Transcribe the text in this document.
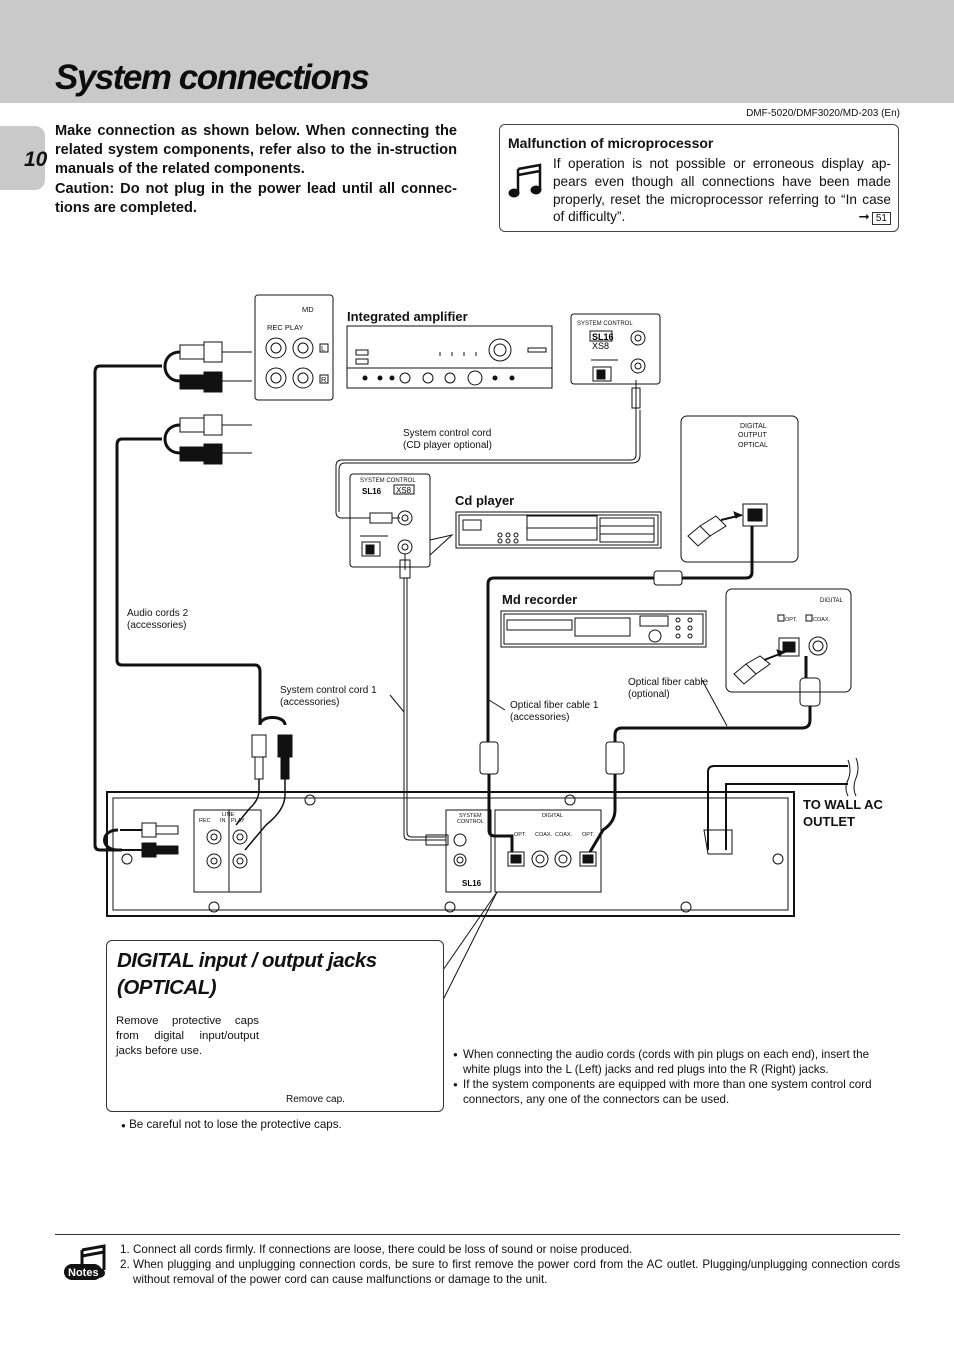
System connections
10
DMF-5020/DMF3020/MD-203 (En)

Make connection as shown below. When connecting the related system components, refer also to the in-struction manuals of the related components.

Caution: Do not plug in the power lead until all connec-tions are completed.

Malfunction of microprocessor
If operation is not possible or erroneous display ap-pears even though all connections have been made properly, reset the microprocessor referring to “In case of difficulty”.	➞ 51
MD
REC PLAY
L
R
SYSTEM CONTROL
SYSTEM CONTROL
DIGITAL OUTPUT OPTICAL
DIGITAL
System control cord
(CD player optional)
Audio cords 2
(accessories)
System control cord 1
(accessories)	Optical fiber cable 1
(accessories)
Optical fiber cable
(optional)
SL16
XS8
SL16 XS8
SL16
LINE
REC IN PLAY
SYSTEM
CONTROL
DIGITAL
OPT. COAX. COAX. OPT.
OPT.	COAX.
Integrated amplifier
Cd player
Md recorder
TO WALL AC OUTLET
DIGITAL input / output jacks (OPTICAL)
Remove protective caps from digital input/output jacks before use.
Remove cap.
● When connecting the audio cords (cords with pin plugs on each end), insert the white plugs into the L (Left) jacks and red plugs into the R (Right) jacks.
● If the system components are equipped with more than one system control cord connectors, any one of the connectors can be used.
● Be careful not to lose the protective caps.
Notes
1. Connect all cords firmly. If connections are loose, there could be loss of sound or noise produced.
2. When plugging and unplugging connection cords, be sure to first remove the power cord from the AC outlet. Plugging/unplugging connection cords without removal of the power cord can cause malfunctions or damage to the unit.
